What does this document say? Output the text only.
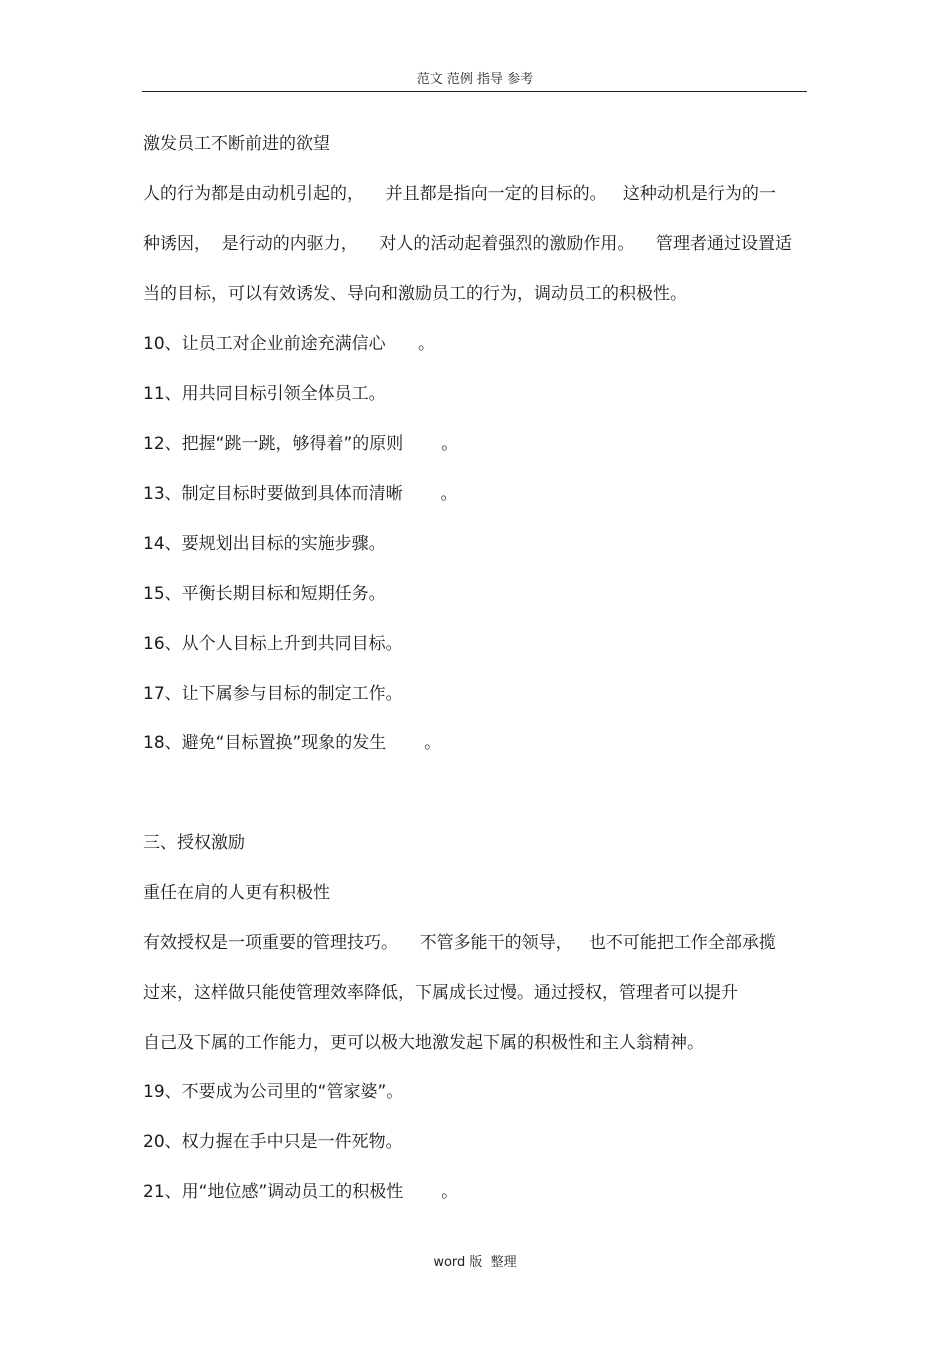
范文 范例 指导 参考
激发员工不断前进的欲望
人的行为都是由动机引起的，    并且都是指向一定的目标的。   这种动机是行为的一
种诱因，  是行动的内驱力，    对人的活动起着强烈的激励作用。    管理者通过设置适
当的目标，可以有效诱发、导向和激励员工的行为，调动员工的积极性。
10、让员工对企业前途充满信心      。
11、用共同目标引领全体员工。
12、把握“跳一跳，够得着”的原则       。
13、制定目标时要做到具体而清晰       。
14、要规划出目标的实施步骤。
15、平衡长期目标和短期任务。
16、从个人目标上升到共同目标。
17、让下属参与目标的制定工作。
18、避免“目标置换”现象的发生       。
三、授权激励
重任在肩的人更有积极性
有效授权是一项重要的管理技巧。    不管多能干的领导，   也不可能把工作全部承揽
过来，这样做只能使管理效率降低，下属成长过慢。通过授权，管理者可以提升
自己及下属的工作能力，更可以极大地激发起下属的积极性和主人翁精神。
19、不要成为公司里的“管家婆”。
20、权力握在手中只是一件死物。
21、用“地位感”调动员工的积极性       。
word 版  整理
